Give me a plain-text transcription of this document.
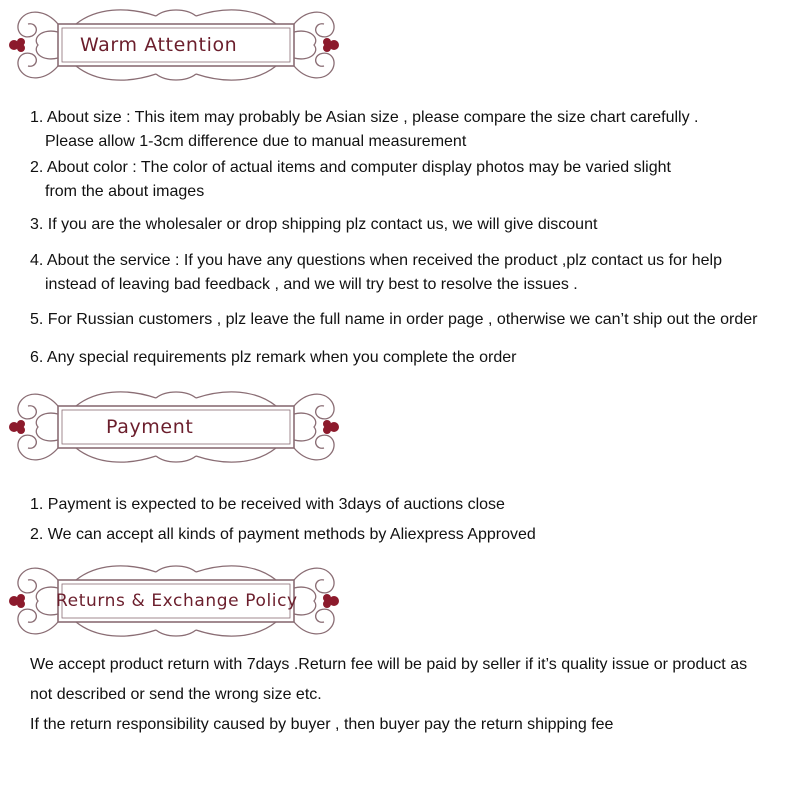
Warm Attention
1. About size : This item may probably be Asian size , please compare the size chart carefully .
Please allow 1-3cm difference due to manual measurement
2. About color : The color of actual items and computer display photos may be varied slight
from the about images
3. If you are the wholesaler or drop shipping plz contact us, we will give discount
4. About the service : If you have any questions when received the product ,plz contact us for help
instead of leaving bad feedback , and we will try best to resolve the issues .
5. For Russian customers , plz leave the full name in order page , otherwise we can’t ship out the order
6. Any special requirements plz remark when you complete the order
Payment
1. Payment is expected to be received with 3days of auctions close
2. We can accept all kinds of payment methods by Aliexpress Approved
Returns & Exchange Policy
We accept product return with 7days .Return fee will be paid by seller if it’s quality issue or product as
not described or send the wrong size etc.
If the return responsibility caused by buyer , then buyer pay the return shipping fee
